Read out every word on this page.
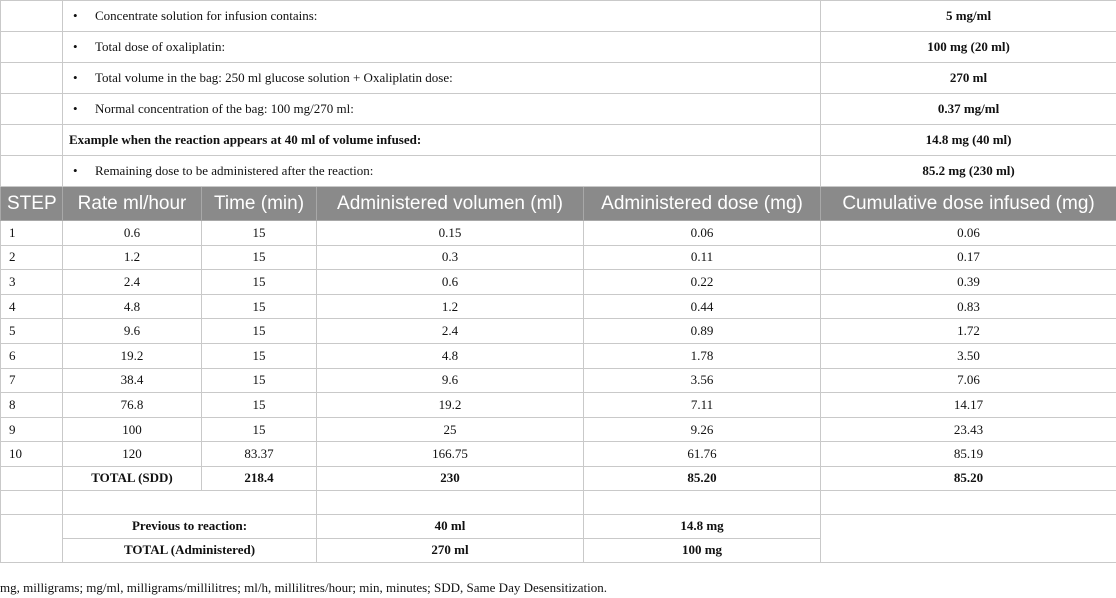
	• Concentrate solution for infusion contains:				5 mg/ml
	• Total dose of oxaliplatin:				100 mg (20 ml)
	• Total volume in the bag: 250 ml glucose solution + Oxaliplatin dose:				270 ml
	• Normal concentration of the bag: 100 mg/270 ml:				0.37 mg/ml
	Example when the reaction appears at 40 ml of volume infused:				14.8 mg (40 ml)
	• Remaining dose to be administered after the reaction:				85.2 mg (230 ml)
STEP	Rate ml/hour	Time (min)	Administered volumen (ml)	Administered dose (mg)	Cumulative dose infused (mg)
1	0.6	15	0.15	0.06	0.06
2	1.2	15	0.3	0.11	0.17
3	2.4	15	0.6	0.22	0.39
4	4.8	15	1.2	0.44	0.83
5	9.6	15	2.4	0.89	1.72
6	19.2	15	4.8	1.78	3.50
7	38.4	15	9.6	3.56	7.06
8	76.8	15	19.2	7.11	14.17
9	100	15	25	9.26	23.43
10	120	83.37	166.75	61.76	85.19
	TOTAL (SDD)	218.4	230	85.20	85.20

	Previous to reaction:		40 ml	14.8 mg	
	TOTAL (Administered)		270 ml	100 mg	
mg, milligrams; mg/ml, milligrams/millilitres; ml/h, millilitres/hour; min, minutes; SDD, Same Day Desensitization.
